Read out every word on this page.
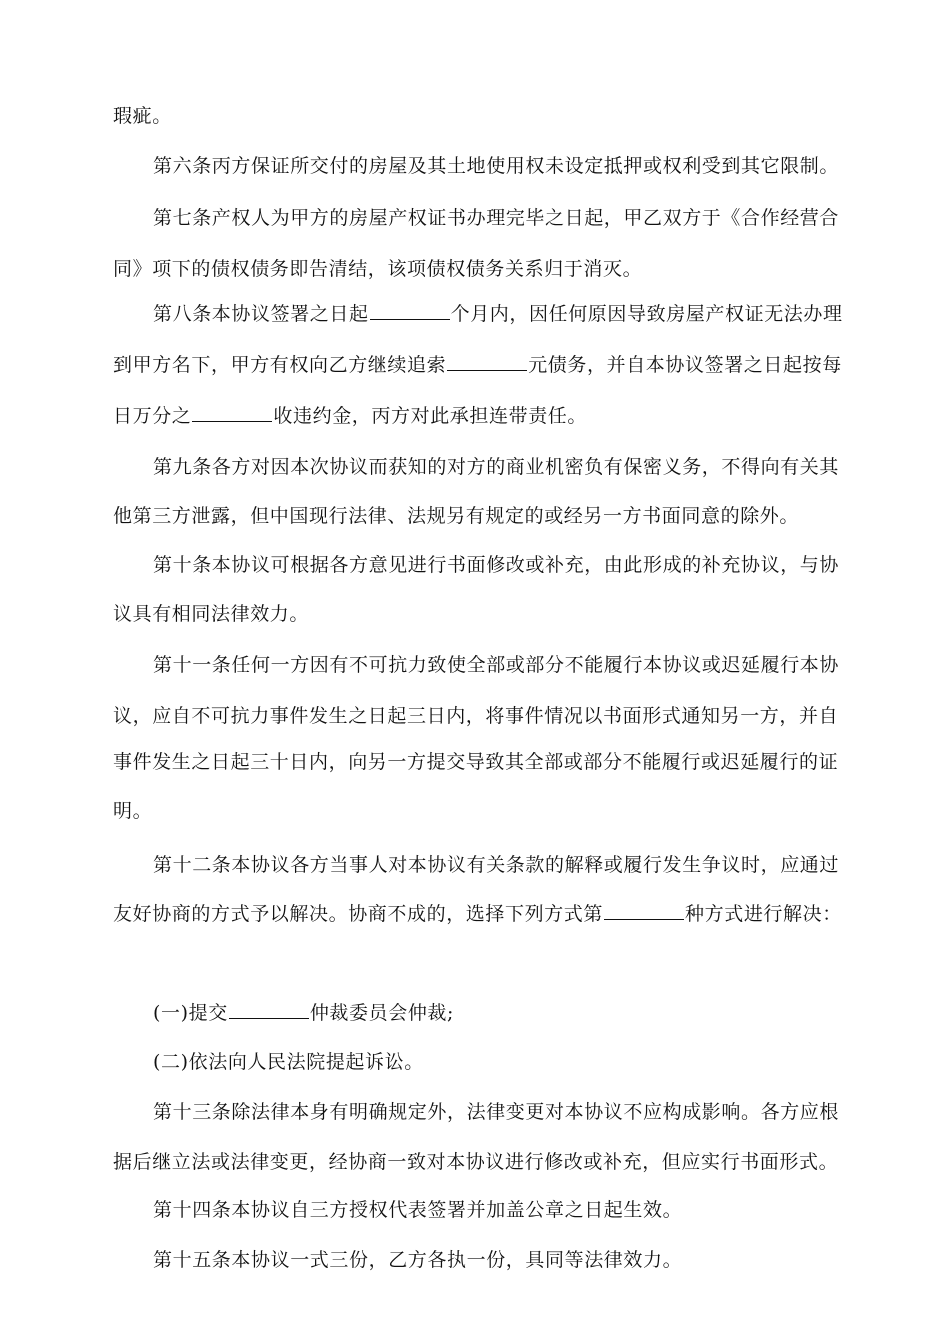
瑕疵。
第六条丙方保证所交付的房屋及其土地使用权未设定抵押或权利受到其它限制。
第七条产权人为甲方的房屋产权证书办理完毕之日起，甲乙双方于《合作经营合
同》项下的债权债务即告清结，该项债权债务关系归于消灭。
第八条本协议签署之日起	个月内，因任何原因导致房屋产权证无法办理
到甲方名下，甲方有权向乙方继续追索	元债务，并自本协议签署之日起按每
日万分之	收违约金，丙方对此承担连带责任。
第九条各方对因本次协议而获知的对方的商业机密负有保密义务，不得向有关其
他第三方泄露，但中国现行法律、法规另有规定的或经另一方书面同意的除外。
第十条本协议可根据各方意见进行书面修改或补充，由此形成的补充协议，与协
议具有相同法律效力。
第十一条任何一方因有不可抗力致使全部或部分不能履行本协议或迟延履行本协
议，应自不可抗力事件发生之日起三日内，将事件情况以书面形式通知另一方，并自
事件发生之日起三十日内，向另一方提交导致其全部或部分不能履行或迟延履行的证
明。
第十二条本协议各方当事人对本协议有关条款的解释或履行发生争议时，应通过
友好协商的方式予以解决。协商不成的，选择下列方式第	种方式进行解决：
(一)提交	仲裁委员会仲裁;
(二)依法向人民法院提起诉讼。
第十三条除法律本身有明确规定外，法律变更对本协议不应构成影响。各方应根
据后继立法或法律变更，经协商一致对本协议进行修改或补充，但应实行书面形式。
第十四条本协议自三方授权代表签署并加盖公章之日起生效。
第十五条本协议一式三份，乙方各执一份，具同等法律效力。
